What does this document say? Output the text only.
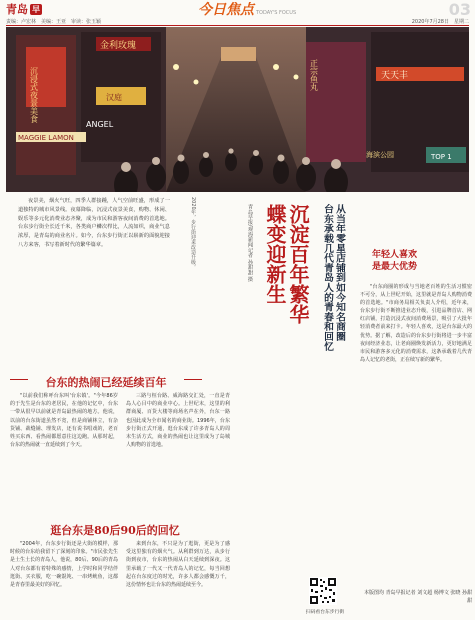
青岛 早	今日焦点 TODAY'S FOCUS	03
责编：卢宏林　美编：王亚　审读：张玉颖	2020年7月28日　星期二
沉浸式夜景美食
金利玫瑰
汉庭
ANGEL
MAGGIE LAMON
正宗鱼丸	天天丰
TOP 1
海滨公园
夜景美，烟火气旺，四季人群接踵，人气空前旺盛，形成了一道独特的城市风景线。夜幕降临，沉浸式夜景美食，购物、休闲、娱乐等多元化消费业态齐聚，成为市民和游客夜间消费的首选地。台东步行街全长近千米，各类商户鳞次栉比，人流如织，商业气息浓厚，是青岛的商业名片。如今，台东步行街正以崭新的面貌迎接八方来客，书写着新时代的繁华篇章。	2020年，步行街迎来改造升级。
台东的热闹已经延续百年
"以前我们称呼台东叫'台东镇'。"今年86岁的于先生是台东的老居民，在他的记忆中，台东一带从很早以前就是青岛最热闹的地方。他说，以前的台东街道虽然不宽，但是商铺林立，有杂货铺、裁缝铺、理发店，还有说书唱戏的，老百姓买东西、看热闹都愿意往这边跑。从那时起，台东的热闹就一直延续到了今天。
三路与桓台路、威海路交汇处，一直是青岛人心目中的商业中心。上世纪末，这里的利群商厦、百货大楼等商场名声在外，台东一路也因此成为全市闻名的商业街。1996年，台东步行街正式开通，逛台东成了许多青岛人的周末生活方式，商业的热闹也让这里成为了岛城人购物的首选地。
逛台东是80后90后的回忆
"2004年，台东步行街还是大街的模样，那时候的台东给我留下了深刻的印象。"市民张先生是土生土长的青岛人，他说，80后、90后的青岛人对台东都有着特殊的感情，上学时和同学结伴逛街、买衣服，吃一碗馄饨、一串烤鱿鱼，这都是青春里最美好的回忆。
来到台东，不只是为了逛街，更是为了感受这里独有的烟火气。从利群到万达，从步行街到夜市，台东的热闹从白天延续到深夜。这里承载了一代又一代青岛人的记忆，每当回想起在台东度过的时光，许多人都会感慨万千，这份情怀也让台东的热闹延续至今。
青岛早报/观海新闻记者 孙甜甜 摄	沉淀百年繁华
蝶变迎新生	从当年零星店铺到如今知名商圈
台东承载几代青岛人的青春和回忆
扫码看台东步行街
年轻人喜欢
是最大优势
"台东商圈的形成与当地老百姓的生活习惯密不可分，从上世纪开始，这里就是青岛人购物消费的首选地。"市商务局相关负责人介绍，近年来，台东步行街不断推进业态升级，引进品牌首店、网红店铺，打造沉浸式夜间消费场景，吸引了大批年轻消费者前来打卡。年轻人喜欢，这是台东最大的优势。据了解，改造后的台东步行街将进一步丰富夜间经济业态，让老商圈焕发新活力，更好地满足市民和游客多元化的消费需求，这条承载着几代青岛人记忆的老街，正在续写新的繁华。
本版图均 青岛早报记者 刘文超 杨博文 张晓 孙甜甜
